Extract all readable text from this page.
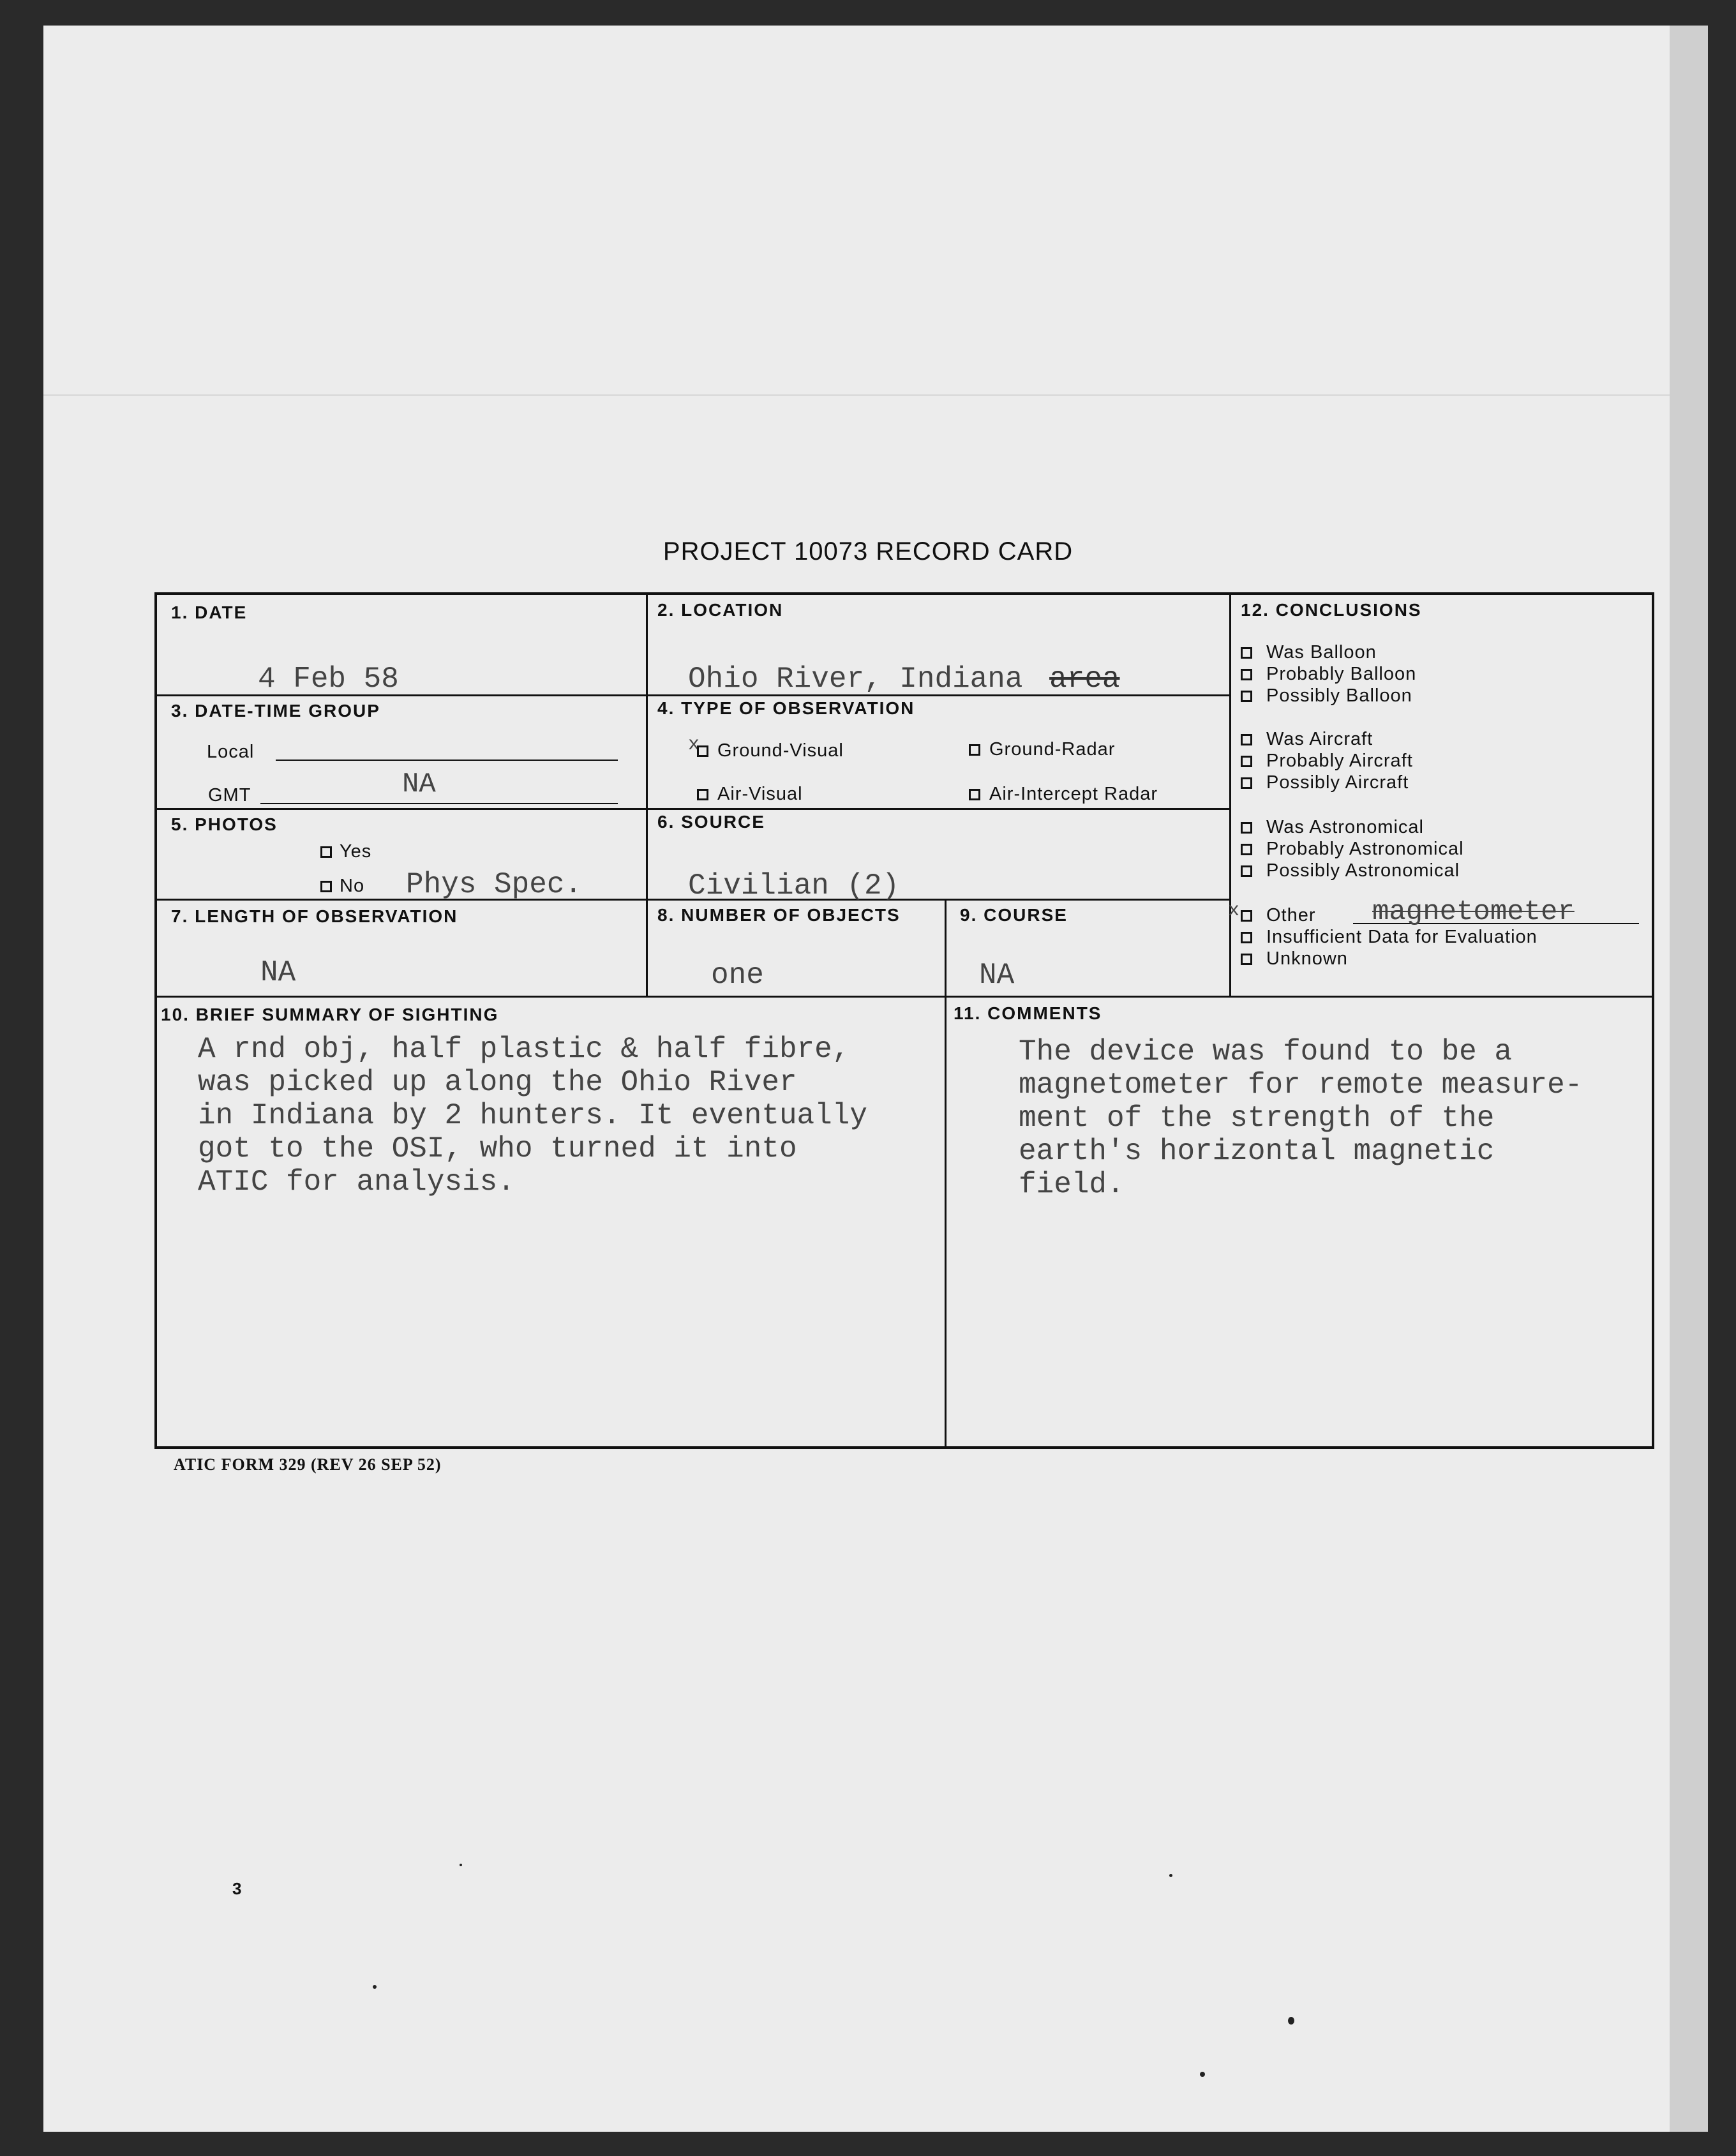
PROJECT 10073 RECORD CARD
1. DATE
4 Feb 58
2. LOCATION
Ohio River, Indiana area
3. DATE-TIME GROUP
Local
GMT	NA
4. TYPE OF OBSERVATION
x Ground-Visual	Ground-Radar
Air-Visual	Air-Intercept Radar
5. PHOTOS
Yes
No Phys Spec.
6. SOURCE
Civilian (2)
7. LENGTH OF OBSERVATION
NA
8. NUMBER OF OBJECTS
one
9. COURSE
NA
10. BRIEF SUMMARY OF SIGHTING
A rnd obj, half plastic & half fibre,
was picked up along the Ohio River
in Indiana by 2 hunters. It eventually
got to the OSI, who turned it into
ATIC for analysis.
11. COMMENTS
The device was found to be a
magnetometer for remote measure-
ment of the strength of the
earth's horizontal magnetic
field.
12. CONCLUSIONS
Was Balloon
Probably Balloon
Possibly Balloon
Was Aircraft
Probably Aircraft
Possibly Aircraft
Was Astronomical
Probably Astronomical
Possibly Astronomical
x	Other magnetometer
Insufficient Data for Evaluation
Unknown
ATIC FORM 329 (REV 26 SEP 52)
3
